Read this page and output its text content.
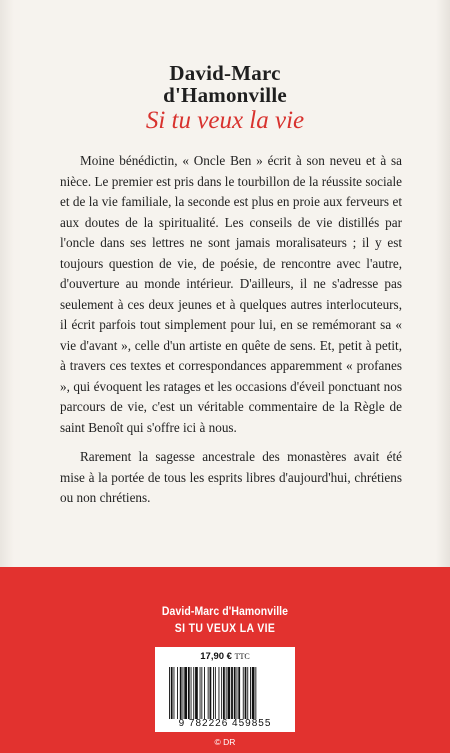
David-Marc
d'Hamonville
Si tu veux la vie

Moine bénédictin, « Oncle Ben » écrit à son neveu et à sa nièce. Le premier est pris dans le tourbillon de la réussite sociale et de la vie familiale, la seconde est plus en proie aux ferveurs et aux doutes de la spiritualité. Les conseils de vie distillés par l'oncle dans ses lettres ne sont jamais moralisateurs ; il y est toujours question de vie, de poésie, de rencontre avec l'autre, d'ouverture au monde intérieur. D'ailleurs, il ne s'adresse pas seulement à ces deux jeunes et à quelques autres interlocuteurs, il écrit parfois tout simplement pour lui, en se remémorant sa « vie d'avant », celle d'un artiste en quête de sens. Et, petit à petit, à travers ces textes et correspondances apparemment « profanes », qui évoquent les ratages et les occasions d'éveil ponctuant nos parcours de vie, c'est un véritable commentaire de la Règle de saint Benoît qui s'offre ici à nous.

Rarement la sagesse ancestrale des monastères avait été mise à la portée de tous les esprits libres d'aujourd'hui, chrétiens ou non chrétiens.

David-Marc d'Hamonville
SI TU VEUX LA VIE
17,90 € TTC
9 782226 459855
© DR
